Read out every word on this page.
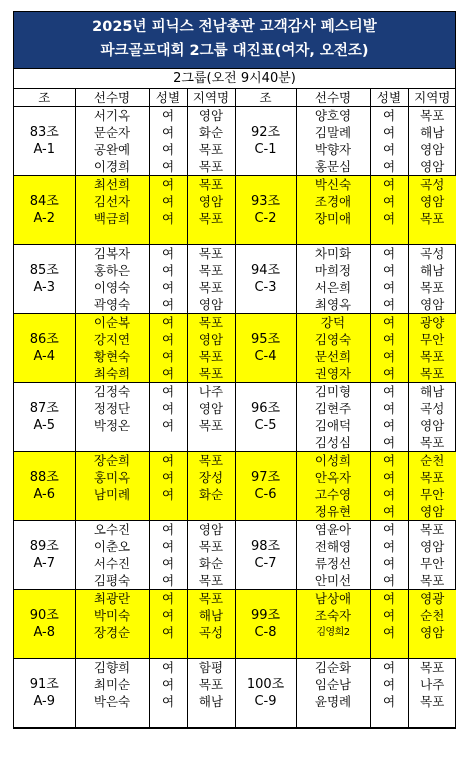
2025년 피닉스 전남총판 고객감사 페스티발
파크골프대회 2그룹 대진표(여자, 오전조)
2그룹(오전 9시40분)
조	선수명	성별	지역명	조	선수명	성별	지역명
	서기옥	여	영암		양호영	여	목포
83조	문순자	여	화순	92조	김말례	여	해남
A-1	공완예	여	목포	C-1	박향자	여	영암
	이경희	여	목포		홍문심	여	영암
	최선희	여	목포		박신숙	여	곡성
84조	김선자	여	영암	93조	조경애	여	영암
A-2	백금희	여	목포	C-2	장미애	여	목포

	김복자	여	목포		차미화	여	곡성
85조	홍하은	여	목포	94조	마희정	여	해남
A-3	이영숙	여	목포	C-3	서은희	여	목포
	곽영숙	여	영암		최영옥	여	영암
	이순복	여	목포		강덕	여	광양
86조	강지연	여	영암	95조	김영숙	여	무안
A-4	황현숙	여	목포	C-4	문선희	여	목포
	최숙희	여	목포		권영자	여	목포
	김정숙	여	나주		김미형	여	해남
87조	정정단	여	영암	96조	김현주	여	곡성
A-5	박정온	여	목포	C-5	김애덕	여	영암
					김성심	여	목포
	장순희	여	목포		이성희	여	순천
88조	홍미옥	여	장성	97조	안옥자	여	목포
A-6	남미례	여	화순	C-6	고수영	여	무안
					정유현	여	영암
	오수진	여	영암		염윤아	여	목포
89조	이춘오	여	목포	98조	전해영	여	영암
A-7	서수진	여	화순	C-7	류정선	여	무안
	김평숙	여	목포		안미선	여	목포
	최광란	여	목포		남상애	여	영광
90조	박미숙	여	해남	99조	조숙자	여	순천
A-8	장경순	여	곡성	C-8	김영희2	여	영암

	김향희	여	함평		김순화	여	목포
91조	최미순	여	목포	100조	임순남	여	나주
A-9	박은숙	여	해남	C-9	윤명례	여	목포
